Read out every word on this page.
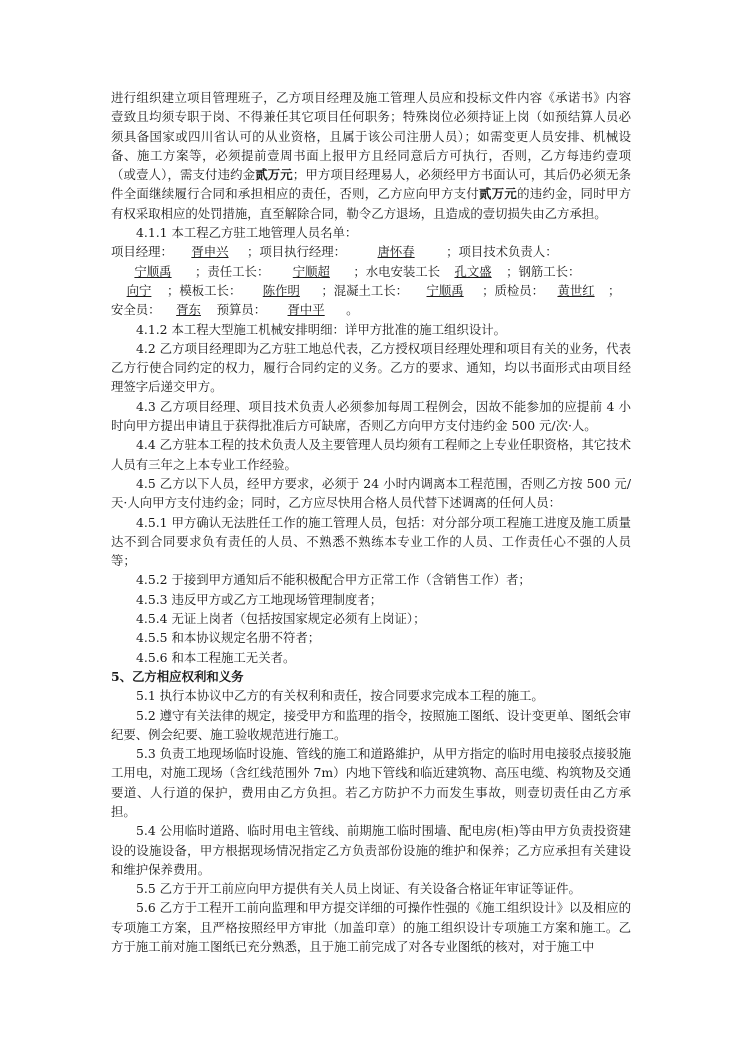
进行组织建立项目管理班子，乙方项目经理及施工管理人员应和投标文件内容《承诺书》内容壹致且均须专职于岗、不得兼任其它项目任何职务；特殊岗位必须持证上岗（如预结算人员必须具备国家或四川省认可的从业资格，且属于该公司注册人员）；如需变更人员安排、机械设备、施工方案等，必须提前壹周书面上报甲方且经同意后方可执行，否则，乙方每违约壹项（或壹人），需支付违约金贰万元；甲方项目经理易人，必须经甲方书面认可，其后仍必须无条件全面继续履行合同和承担相应的责任，否则，乙方应向甲方支付贰万元的违约金，同时甲方有权采取相应的处罚措施，直至解除合同，勒令乙方退场，且造成的壹切损失由乙方承担。

4.1.1 本工程乙方驻工地管理人员名单：

项目经理： 胥申兴 ；项目执行经理：	唐怀春	；项目技术负责人：宁顺禹 ；责任工长： 宁顺超 ；水电安装工长 孔文盛 ；钢筋工长：向宁 ；模板工长： 陈作明 ；混凝土工长： 宁顺禹 ；质检员： 黄世红 ；安全员： 胥东 预算员： 胥中平 。

4.1.2 本工程大型施工机械安排明细：详甲方批准的施工组织设计。

4.2 乙方项目经理即为乙方驻工地总代表，乙方授权项目经理处理和项目有关的业务，代表乙方行使合同约定的权力，履行合同约定的义务。乙方的要求、通知，均以书面形式由项目经理签字后递交甲方。

4.3 乙方项目经理、项目技术负责人必须参加每周工程例会，因故不能参加的应提前 4 小时向甲方提出申请且于获得批准后方可缺席，否则乙方向甲方支付违约金 500 元/次·人。

4.4 乙方驻本工程的技术负责人及主要管理人员均须有工程师之上专业任职资格，其它技术人员有三年之上本专业工作经验。

4.5 乙方以下人员，经甲方要求，必须于 24 小时内调离本工程范围，否则乙方按 500 元/天·人向甲方支付违约金；同时，乙方应尽快用合格人员代替下述调离的任何人员：

4.5.1 甲方确认无法胜任工作的施工管理人员，包括：对分部分项工程施工进度及施工质量达不到合同要求负有责任的人员、不熟悉不熟练本专业工作的人员、工作责任心不强的人员等；

4.5.2 于接到甲方通知后不能积极配合甲方正常工作（含销售工作）者；

4.5.3 违反甲方或乙方工地现场管理制度者；

4.5.4 无证上岗者（包括按国家规定必须有上岗证）；

4.5.5 和本协议规定名册不符者；

4.5.6 和本工程施工无关者。

5、乙方相应权利和义务

5.1 执行本协议中乙方的有关权利和责任，按合同要求完成本工程的施工。

5.2 遵守有关法律的规定，接受甲方和监理的指令，按照施工图纸、设计变更单、图纸会审纪要、例会纪要、施工验收规范进行施工。

5.3 负责工地现场临时设施、管线的施工和道路維护，从甲方指定的临时用电接驳点接驳施工用电，对施工现场（含红线范围外 7m）内地下管线和临近建筑物、高压电缆、构筑物及交通要道、人行道的保护，费用由乙方负担。若乙方防护不力而发生事故，则壹切责任由乙方承担。

5.4 公用临时道路、临时用电主管线、前期施工临时围墙、配电房(柜)等由甲方负责投资建设的设施设备，甲方根据现场情况指定乙方负责部份设施的维护和保养；乙方应承担有关建设和维护保养费用。

5.5 乙方于开工前应向甲方提供有关人员上岗证、有关设备合格证年审证等证件。

5.6 乙方于工程开工前向监理和甲方提交详细的可操作性强的《施工组织设计》以及相应的专项施工方案，且严格按照经甲方审批（加盖印章）的施工组织设计专项施工方案和施工。乙方于施工前对施工图纸已充分熟悉，且于施工前完成了对各专业图纸的核对，对于施工中
